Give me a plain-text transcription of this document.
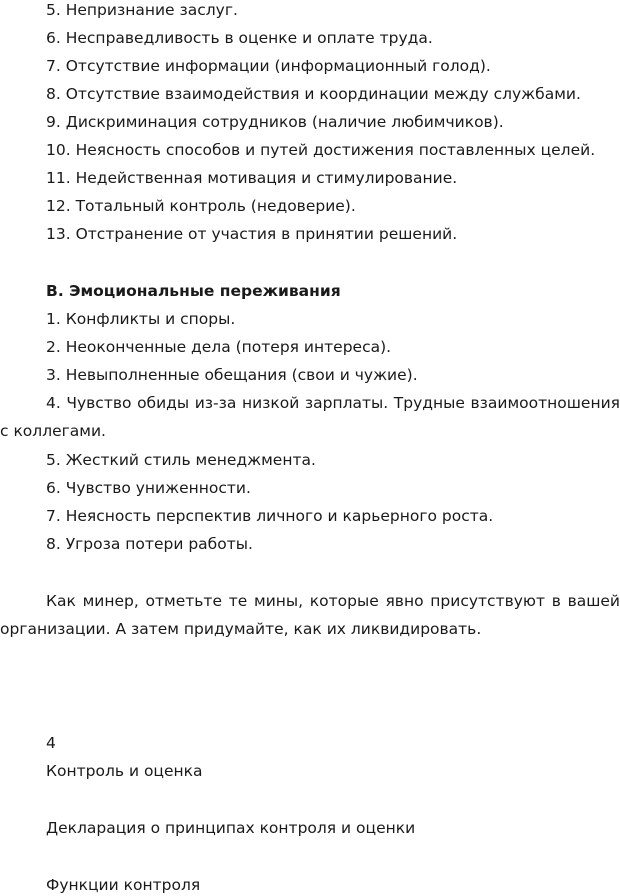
5. Непризнание заслуг.
6. Несправедливость в оценке и оплате труда.
7. Отсутствие информации (информационный голод).
8. Отсутствие взаимодействия и координации между службами.
9. Дискриминация сотрудников (наличие любимчиков).
10. Неясность способов и путей достижения поставленных целей.
11. Недейственная мотивация и стимулирование.
12. Тотальный контроль (недоверие).
13. Отстранение от участия в принятии решений.
В. Эмоциональные переживания
1. Конфликты и споры.
2. Неоконченные дела (потеря интереса).
3. Невыполненные обещания (свои и чужие).
4. Чувство обиды из-за низкой зарплаты. Трудные взаимоотношения
с коллегами.
5. Жесткий стиль менеджмента.
6. Чувство униженности.
7. Неясность перспектив личного и карьерного роста.
8. Угроза потери работы.
Как минер, отметьте те мины, которые явно присутствуют в вашей
организации. А затем придумайте, как их ликвидировать.
4
Контроль и оценка
Декларация о принципах контроля и оценки
Функции контроля
